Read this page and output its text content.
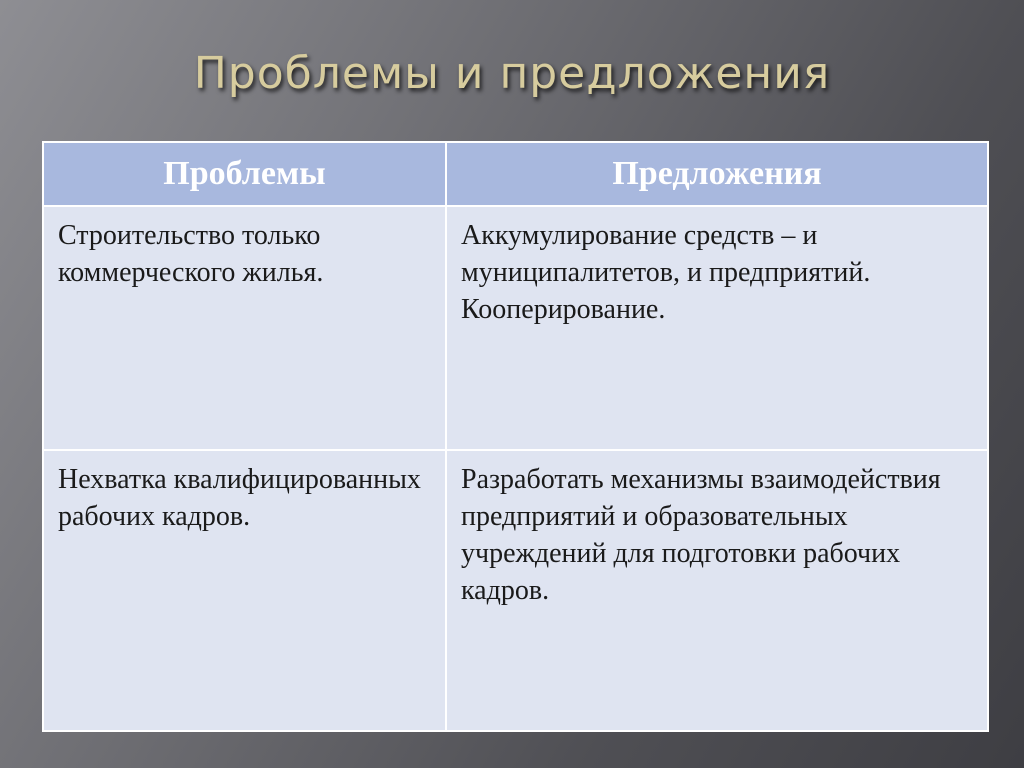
Проблемы и предложения
Проблемы	Предложения
Строительство только коммерческого жилья.	Аккумулирование средств – и муниципалитетов, и предприятий. Кооперирование.
Нехватка квалифицированных рабочих кадров.	Разработать механизмы взаимодействия предприятий и образовательных учреждений для подготовки рабочих кадров.
